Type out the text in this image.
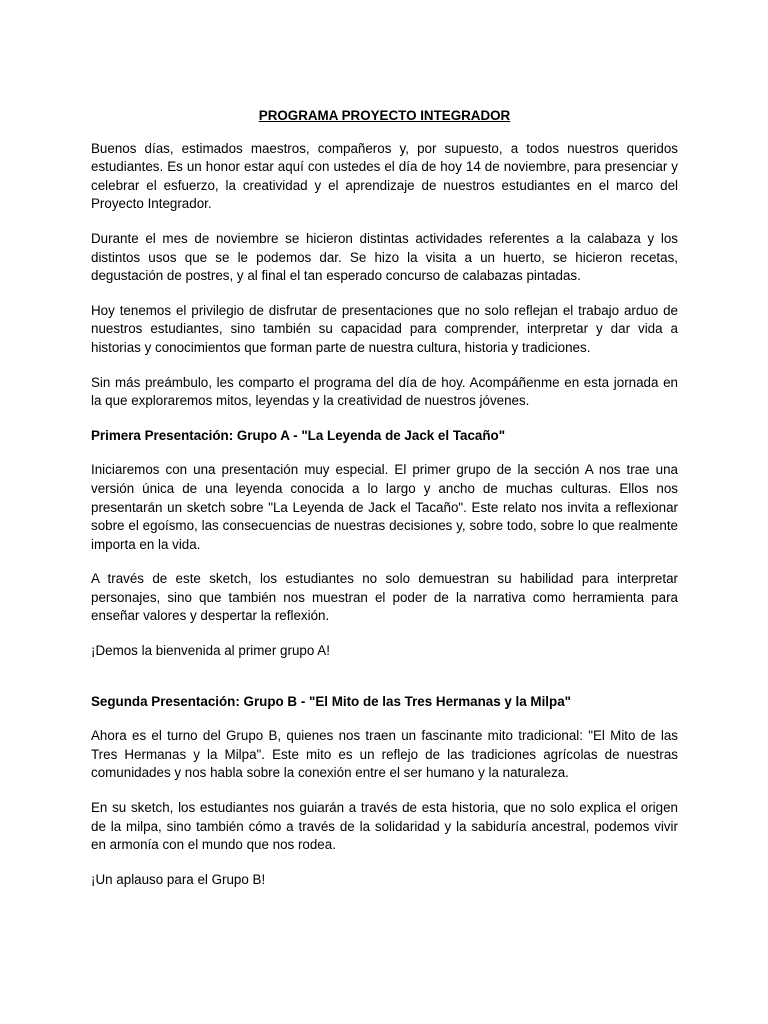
PROGRAMA PROYECTO INTEGRADOR

Buenos días, estimados maestros, compañeros y, por supuesto, a todos nuestros queridos estudiantes. Es un honor estar aquí con ustedes el día de hoy 14 de noviembre, para presenciar y celebrar el esfuerzo, la creatividad y el aprendizaje de nuestros estudiantes en el marco del Proyecto Integrador.

Durante el mes de noviembre se hicieron distintas actividades referentes a la calabaza y los distintos usos que se le podemos dar. Se hizo la visita a un huerto, se hicieron recetas, degustación de postres, y al final el tan esperado concurso de calabazas pintadas.

Hoy tenemos el privilegio de disfrutar de presentaciones que no solo reflejan el trabajo arduo de nuestros estudiantes, sino también su capacidad para comprender, interpretar y dar vida a historias y conocimientos que forman parte de nuestra cultura, historia y tradiciones.

Sin más preámbulo, les comparto el programa del día de hoy. Acompáñenme en esta jornada en la que exploraremos mitos, leyendas y la creatividad de nuestros jóvenes.

Primera Presentación: Grupo A - "La Leyenda de Jack el Tacaño"

Iniciaremos con una presentación muy especial. El primer grupo de la sección A nos trae una versión única de una leyenda conocida a lo largo y ancho de muchas culturas. Ellos nos presentarán un sketch sobre "La Leyenda de Jack el Tacaño". Este relato nos invita a reflexionar sobre el egoísmo, las consecuencias de nuestras decisiones y, sobre todo, sobre lo que realmente importa en la vida.

A través de este sketch, los estudiantes no solo demuestran su habilidad para interpretar personajes, sino que también nos muestran el poder de la narrativa como herramienta para enseñar valores y despertar la reflexión.

¡Demos la bienvenida al primer grupo A!

Segunda Presentación: Grupo B - "El Mito de las Tres Hermanas y la Milpa"

Ahora es el turno del Grupo B, quienes nos traen un fascinante mito tradicional: "El Mito de las Tres Hermanas y la Milpa". Este mito es un reflejo de las tradiciones agrícolas de nuestras comunidades y nos habla sobre la conexión entre el ser humano y la naturaleza.

En su sketch, los estudiantes nos guiarán a través de esta historia, que no solo explica el origen de la milpa, sino también cómo a través de la solidaridad y la sabiduría ancestral, podemos vivir en armonía con el mundo que nos rodea.

¡Un aplauso para el Grupo B!
